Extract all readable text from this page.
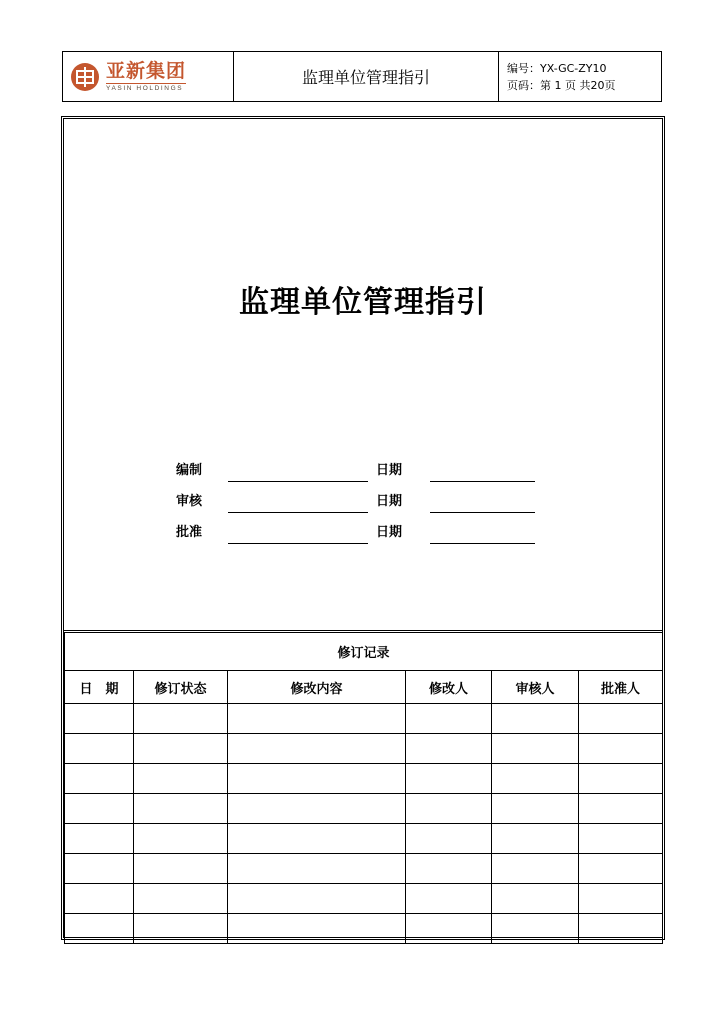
亚新集团
YASIN HOLDINGS
监理单位管理指引	编号：YX-GC-ZY10
页码：第 1 页 共20页
监理单位管理指引
编制	日期
审核	日期
批准	日期
修订记录					
日　期	修订状态	修改内容	修改人	审核人	批准人
